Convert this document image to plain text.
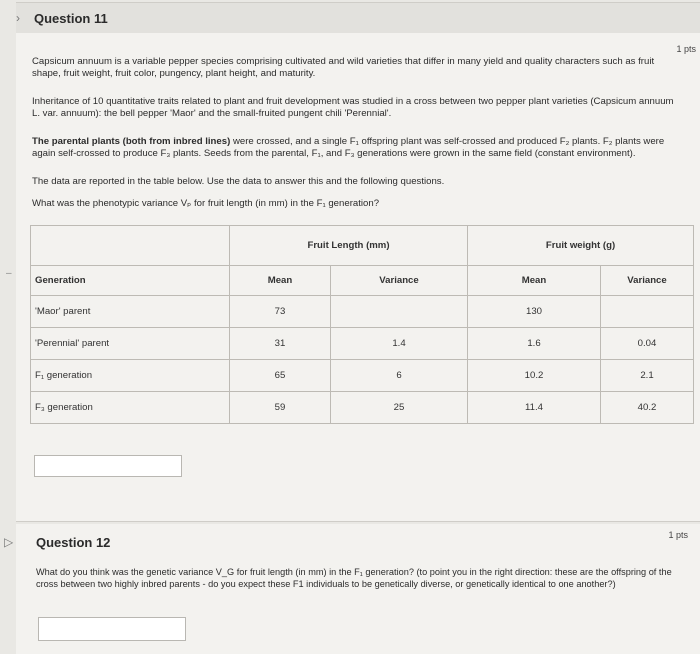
› Question 11
1 pts
Capsicum annuum is a variable pepper species comprising cultivated and wild varieties that differ in many yield and quality characters such as fruit shape, fruit weight, fruit color, pungency, plant height, and maturity.
Inheritance of 10 quantitative traits related to plant and fruit development was studied in a cross between two pepper plant varieties (Capsicum annuum L. var. annuum): the bell pepper 'Maor' and the small-fruited pungent chili 'Perennial'.
The parental plants (both from inbred lines) were crossed, and a single F₁ offspring plant was self-crossed and produced F₂ plants. F₂ plants were again self-crossed to produce F₃ plants. Seeds from the parental, F₁, and F₃ generations were grown in the same field (constant environment).
The data are reported in the table below. Use the data to answer this and the following questions.
What was the phenotypic variance Vₚ for fruit length (in mm) in the F₁ generation?
–
	Fruit Length (mm)		Fruit weight (g)	
Generation	Mean	Variance	Mean	Variance
'Maor' parent	73		130	
'Perennial' parent	31	1.4	1.6	0.04
F₁ generation	65	6	10.2	2.1
F₃ generation	59	25	11.4	40.2
▷ Question 12	1 pts
What do you think was the genetic variance V_G for fruit length (in mm) in the F₁ generation? (to point you in the right direction: these are the offspring of the cross between two highly inbred parents - do you expect these F1 individuals to be genetically diverse, or genetically identical to one another?)
